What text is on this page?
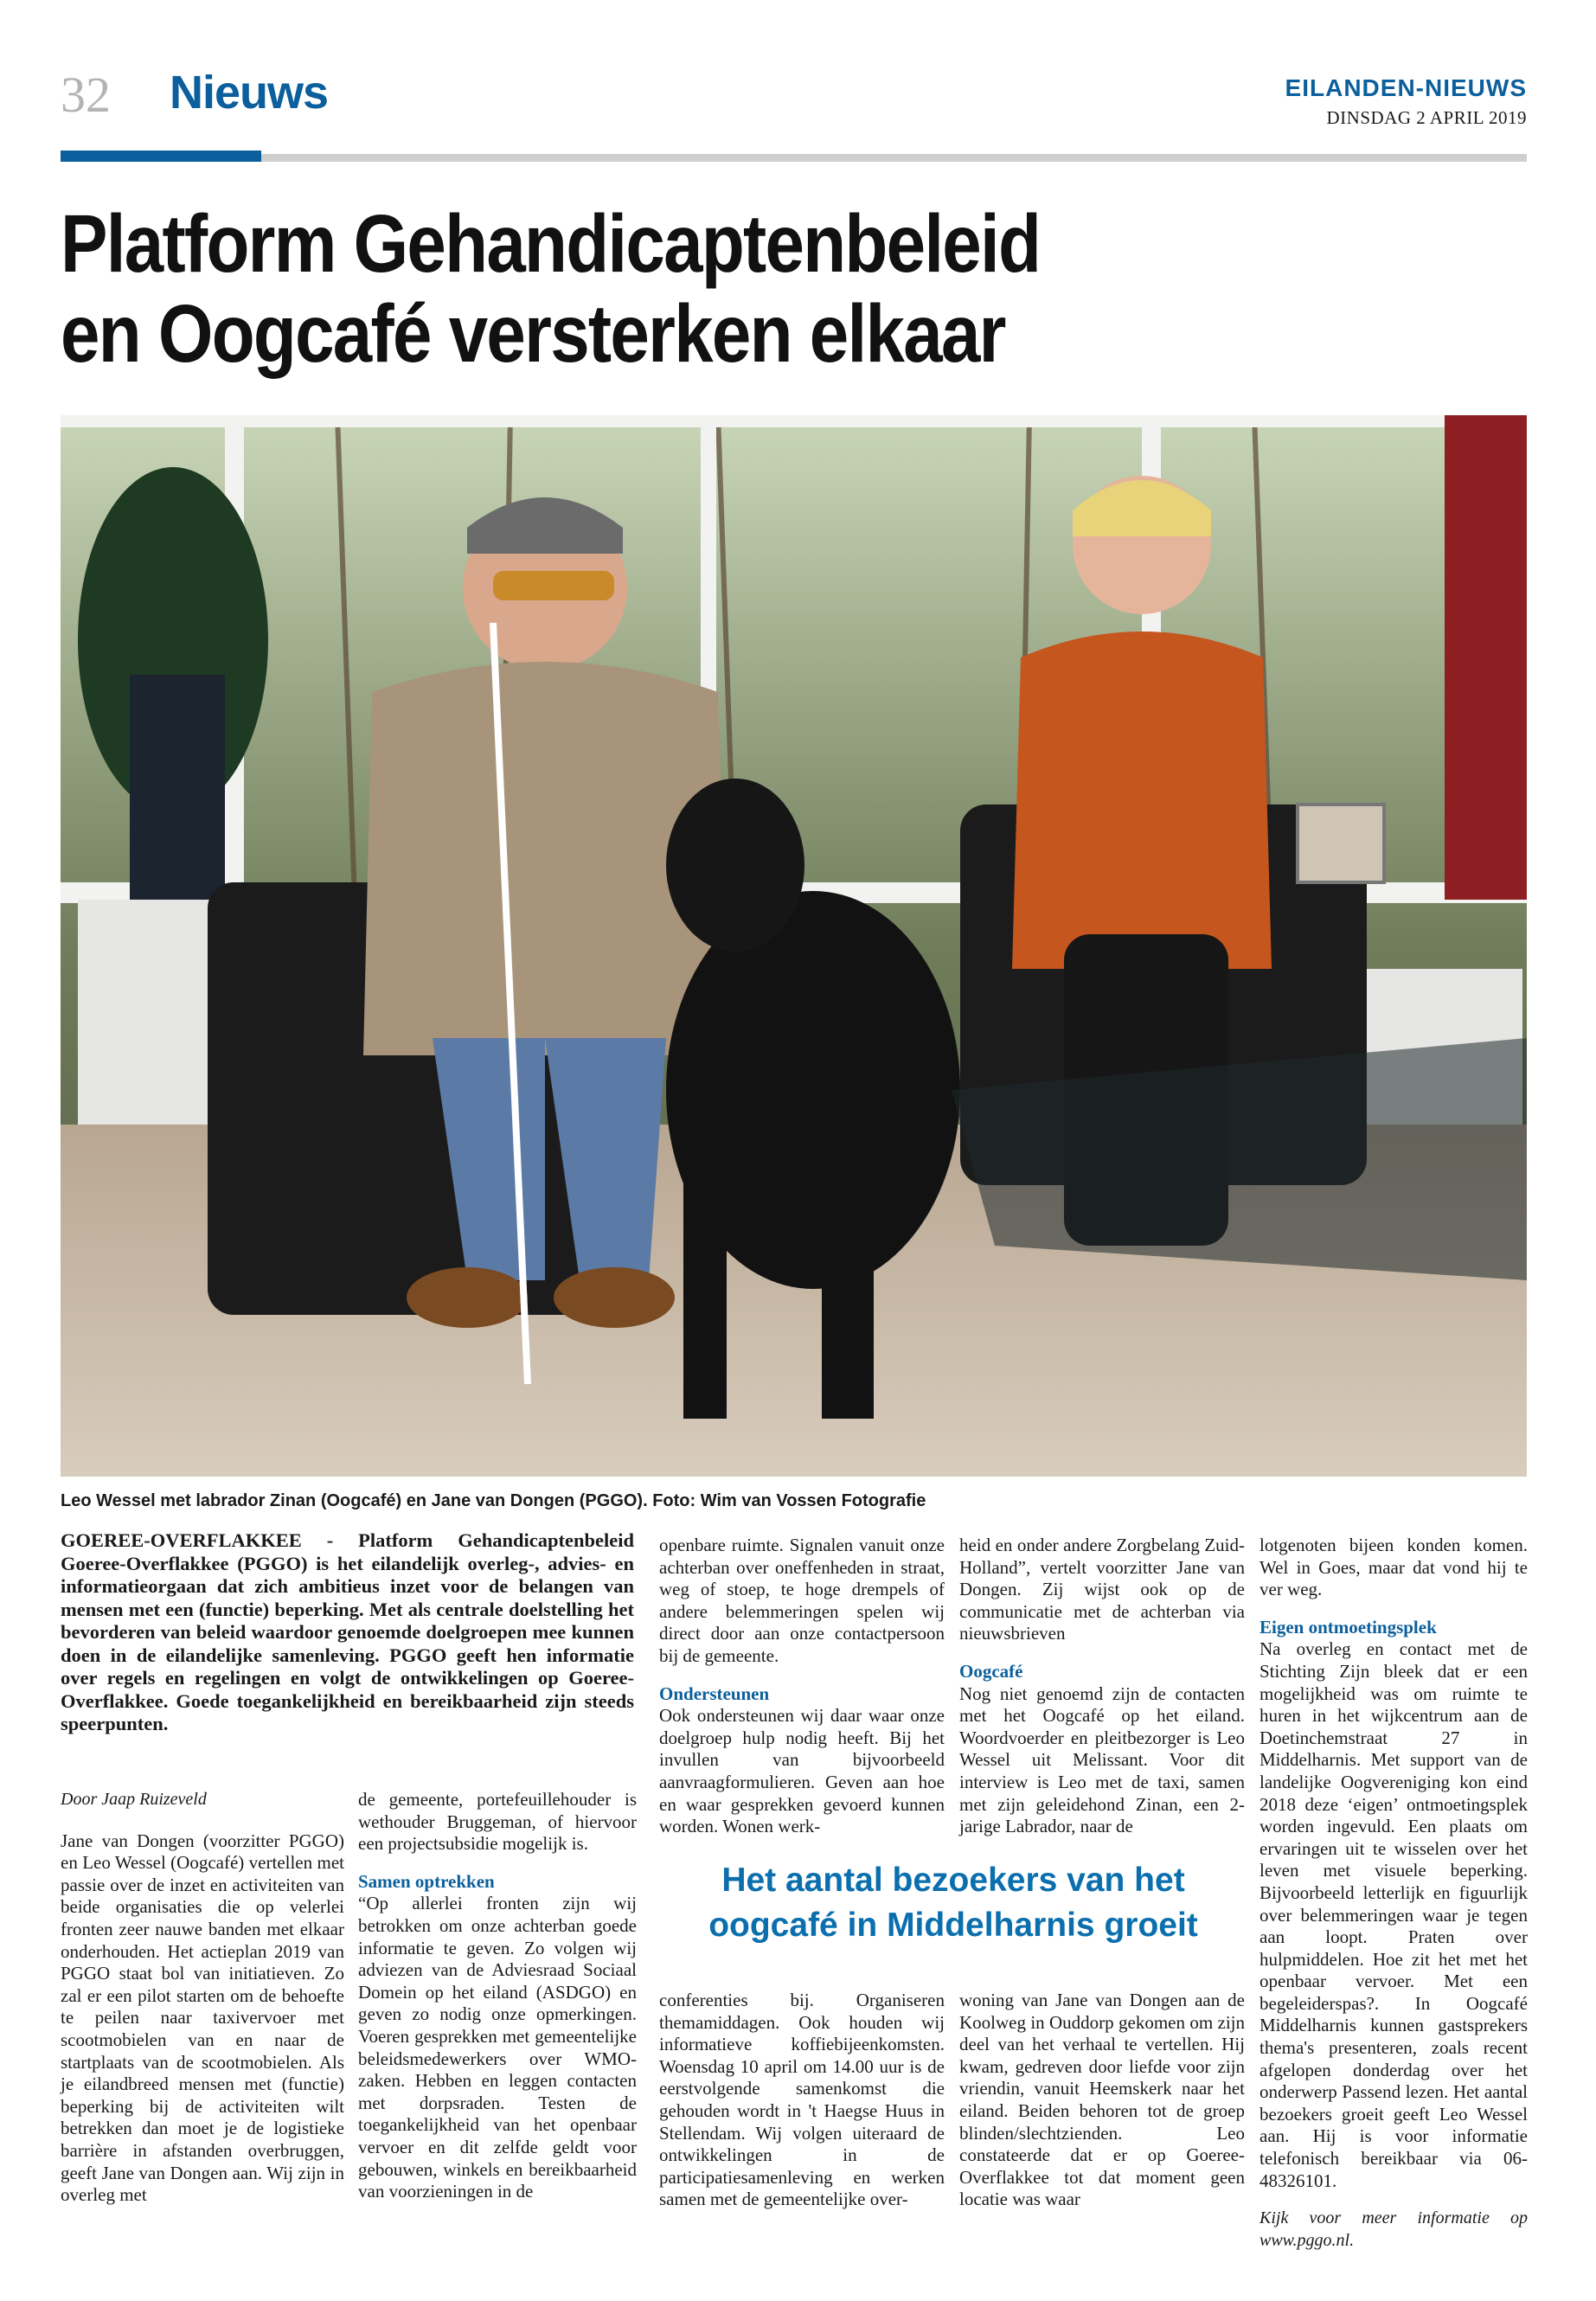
32 Nieuws	EILANDEN-NIEUWS
DINSDAG 2 APRIL 2019
Platform Gehandicaptenbeleid
en Oogcafé versterken elkaar
Leo Wessel met labrador Zinan (Oogcafé) en Jane van Dongen (PGGO). Foto: Wim van Vossen Fotografie
GOEREE-OVERFLAKKEE - Platform Gehandicaptenbeleid Goeree-Overflakkee (PGGO) is het eilandelijk overleg-, advies- en informatieorgaan dat zich ambitieus inzet voor de belangen van mensen met een (functie) beperking. Met als centrale doelstelling het bevorderen van beleid waardoor genoemde doelgroepen mee kunnen doen in de eilandelijke samenleving. PGGO geeft hen informatie over regels en regelingen en volgt de ontwikkelingen op Goeree-Overflakkee. Goede toegankelijkheid en bereikbaarheid zijn steeds speerpunten.

Door Jaap Ruizeveld

Jane van Dongen (voorzitter PGGO) en Leo Wessel (Oogcafé) vertellen met passie over de inzet en activiteiten van beide organisaties die op velerlei fronten zeer nauwe banden met elkaar onderhouden. Het actieplan 2019 van PGGO staat bol van initiatieven. Zo zal er een pilot starten om de behoefte te peilen naar taxivervoer met scootmobielen van en naar de startplaats van de scootmobielen. Als je eilandbreed mensen met (functie) beperking bij de activiteiten wilt betrekken dan moet je de logistieke barrière in afstanden overbruggen, geeft Jane van Dongen aan. Wij zijn in overleg met

de gemeente, portefeuillehouder is wethouder Bruggeman, of hiervoor een projectsubsidie mogelijk is.

Samen optrekken

“Op allerlei fronten zijn wij betrokken om onze achterban goede informatie te geven. Zo volgen wij adviezen van de Adviesraad Sociaal Domein op het eiland (ASDGO) en geven zo nodig onze opmerkingen. Voeren gesprekken met gemeentelijke beleidsmedewerkers over WMO-zaken. Hebben en leggen contacten met dorpsraden. Testen de toegankelijkheid van het openbaar vervoer en dit zelfde geldt voor gebouwen, winkels en bereikbaarheid van voorzieningen in de

openbare ruimte. Signalen vanuit onze achterban over oneffenheden in straat, weg of stoep, te hoge drempels of andere belemmeringen spelen wij direct door aan onze contactpersoon bij de gemeente.

Ondersteunen

Ook ondersteunen wij daar waar onze doelgroep hulp nodig heeft. Bij het invullen van bijvoorbeeld aanvraagformulieren. Geven aan hoe en waar gesprekken gevoerd kunnen worden. Wonen werk-

heid en onder andere Zorgbelang Zuid-Holland”, vertelt voorzitter Jane van Dongen. Zij wijst ook op de communicatie met de achterban via nieuwsbrieven

Oogcafé

Nog niet genoemd zijn de contacten met het Oogcafé op het eiland. Woordvoerder en pleitbezorger is Leo Wessel uit Melissant. Voor dit interview is Leo met de taxi, samen met zijn geleidehond Zinan, een 2-jarige Labrador, naar de

Het aantal bezoekers van het
oogcafé in Middelharnis groeit

conferenties bij. Organiseren themamiddagen. Ook houden wij informatieve koffiebijeenkomsten. Woensdag 10 april om 14.00 uur is de eerstvolgende samenkomst die gehouden wordt in 't Haegse Huus in Stellendam. Wij volgen uiteraard de ontwikkelingen in de participatiesamenleving en werken samen met de gemeentelijke over-

woning van Jane van Dongen aan de Koolweg in Ouddorp gekomen om zijn deel van het verhaal te vertellen. Hij kwam, gedreven door liefde voor zijn vriendin, vanuit Heemskerk naar het eiland. Beiden behoren tot de groep blinden/slechtzienden. Leo constateerde dat er op Goeree-Overflakkee tot dat moment geen locatie was waar

lotgenoten bijeen konden komen. Wel in Goes, maar dat vond hij te ver weg.

Eigen ontmoetingsplek

Na overleg en contact met de Stichting Zijn bleek dat er een mogelijkheid was om ruimte te huren in het wijkcentrum aan de Doetinchemstraat 27 in Middelharnis. Met support van de landelijke Oogvereniging kon eind 2018 deze ‘eigen’ ontmoetingsplek worden ingevuld. Een plaats om ervaringen uit te wisselen over het leven met visuele beperking. Bijvoorbeeld letterlijk en figuurlijk over belemmeringen waar je tegen aan loopt. Praten over hulpmiddelen. Hoe zit het met het openbaar vervoer. Met een begeleiderspas?. In Oogcafé Middelharnis kunnen gastsprekers thema's presenteren, zoals recent afgelopen donderdag over het onderwerp Passend lezen. Het aantal bezoekers groeit geeft Leo Wessel aan. Hij is voor informatie telefonisch bereikbaar via 06-48326101.

Kijk voor meer informatie op www.pggo.nl.
